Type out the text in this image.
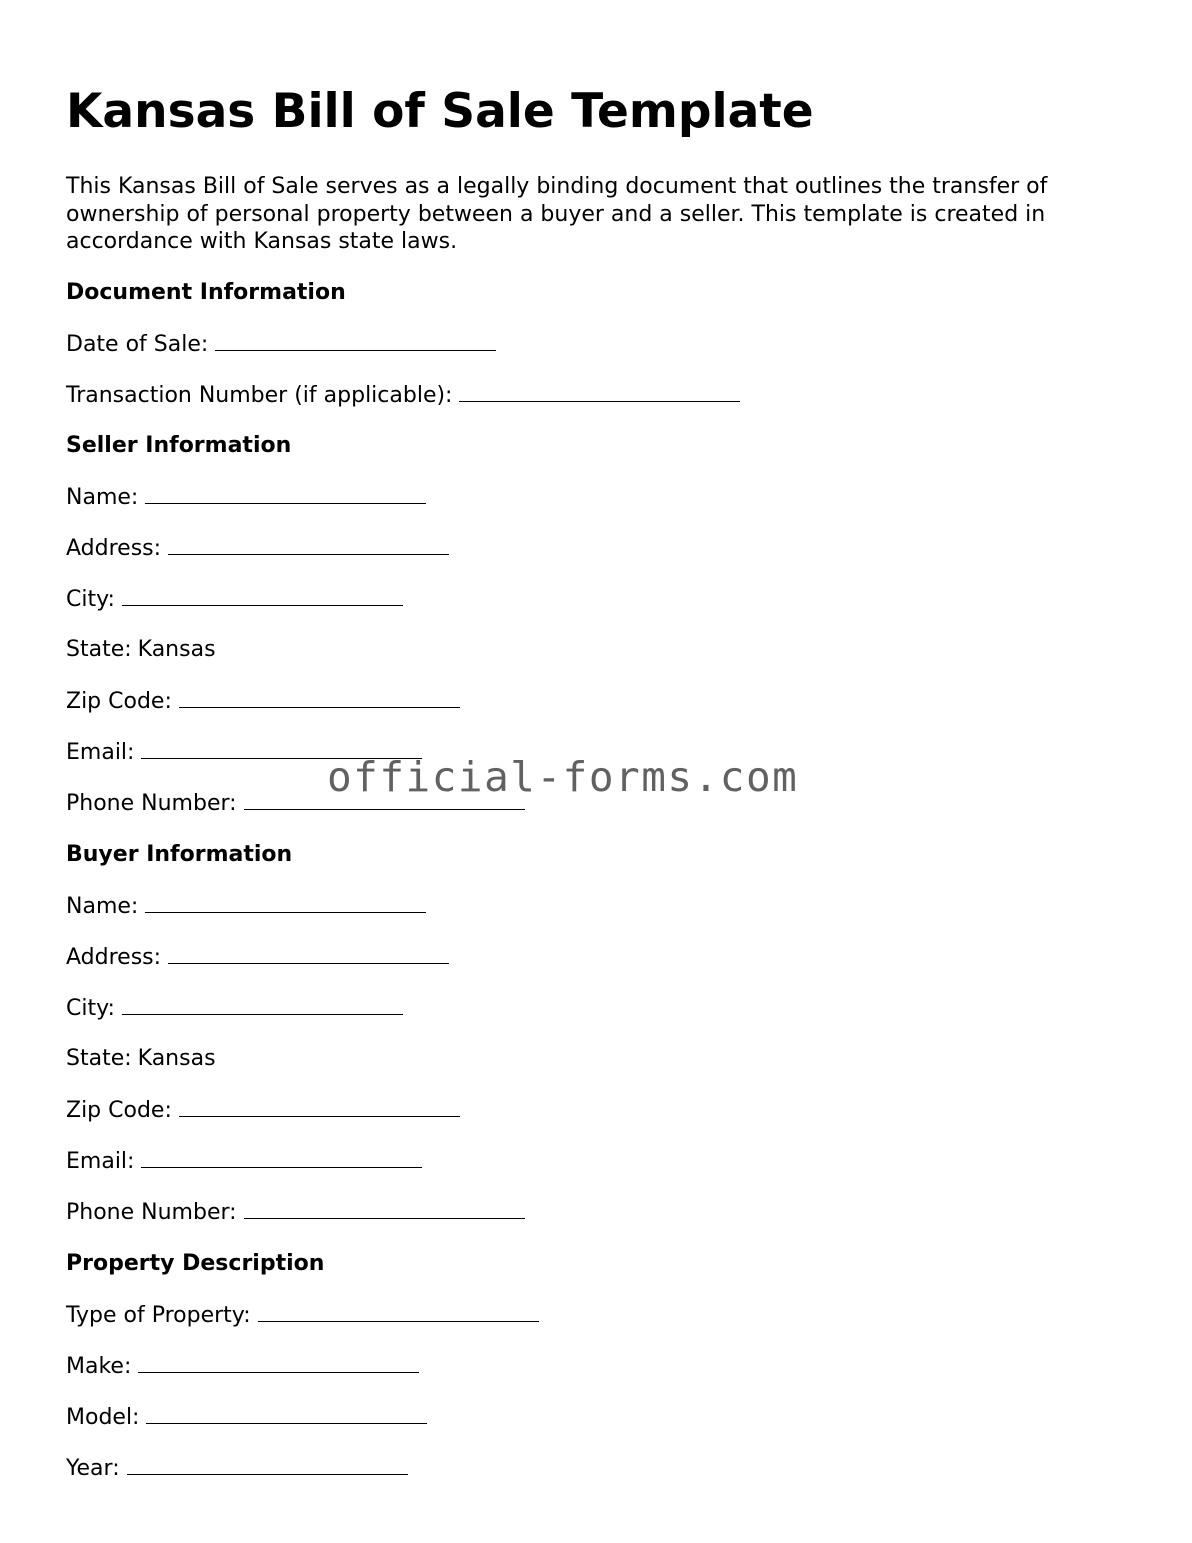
Kansas Bill of Sale Template

This Kansas Bill of Sale serves as a legally binding document that outlines the transfer of ownership of personal property between a buyer and a seller. This template is created in accordance with Kansas state laws.

Document Information

Date of Sale:

Transaction Number (if applicable):

Seller Information

Name:

Address:

City:

State: Kansas

Zip Code:

Email:

Phone Number:

Buyer Information

Name:

Address:

City:

State: Kansas

Zip Code:

Email:

Phone Number:

Property Description

Type of Property:

Make:

Model:

Year:

official-forms.com
